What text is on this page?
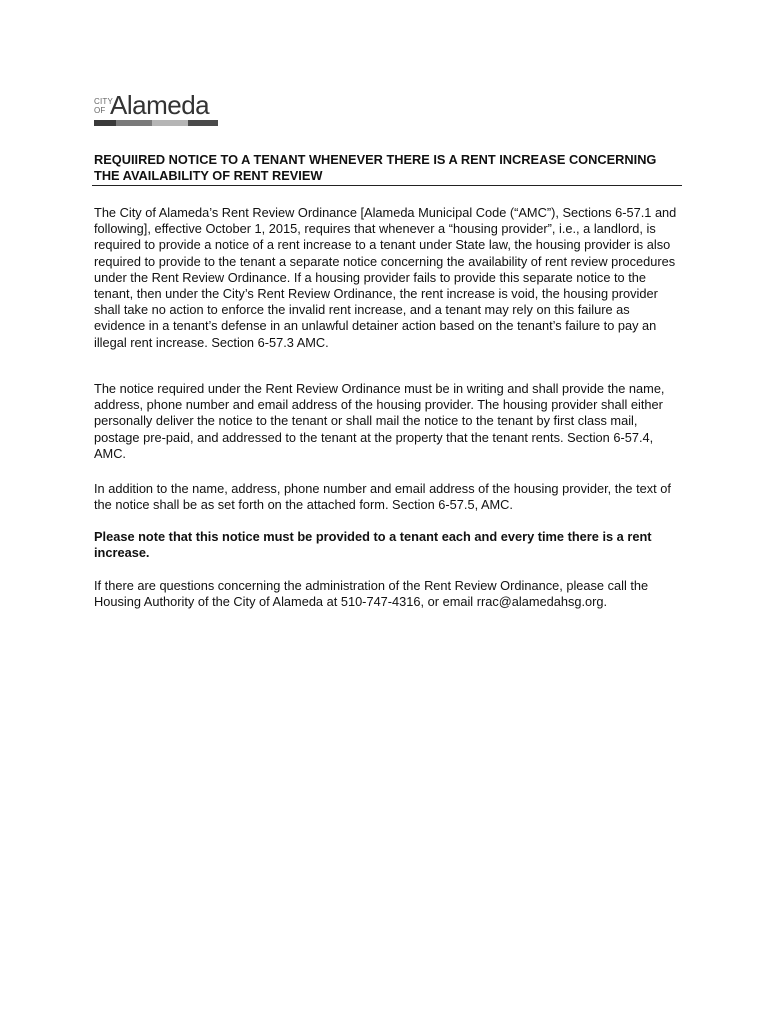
CITY
OF Alameda
REQUIIRED NOTICE TO A TENANT WHENEVER THERE IS A RENT INCREASE CONCERNING THE AVAILABILITY OF RENT REVIEW

The City of Alameda’s Rent Review Ordinance [Alameda Municipal Code (“AMC”), Sections 6-57.1 and following], effective October 1, 2015, requires that whenever a “housing provider”, i.e., a landlord, is required to provide a notice of a rent increase to a tenant under State law, the housing provider is also required to provide to the tenant a separate notice concerning the availability of rent review procedures under the Rent Review Ordinance. If a housing provider fails to provide this separate notice to the tenant, then under the City’s Rent Review Ordinance, the rent increase is void, the housing provider shall take no action to enforce the invalid rent increase, and a tenant may rely on this failure as evidence in a tenant’s defense in an unlawful detainer action based on the tenant’s failure to pay an illegal rent increase. Section 6-57.3 AMC.

The notice required under the Rent Review Ordinance must be in writing and shall provide the name, address, phone number and email address of the housing provider. The housing provider shall either personally deliver the notice to the tenant or shall mail the notice to the tenant by first class mail, postage pre-paid, and addressed to the tenant at the property that the tenant rents. Section 6-57.4, AMC.

In addition to the name, address, phone number and email address of the housing provider, the text of the notice shall be as set forth on the attached form. Section 6-57.5, AMC.

Please note that this notice must be provided to a tenant each and every time there is a rent increase.

If there are questions concerning the administration of the Rent Review Ordinance, please call the Housing Authority of the City of Alameda at 510-747-4316, or email rrac@alamedahsg.org.
